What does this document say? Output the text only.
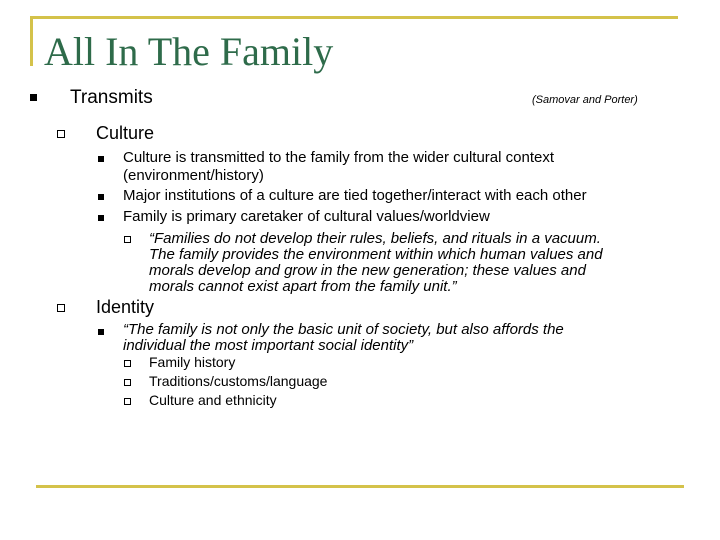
All In The Family
Transmits	(Samovar and Porter)
Culture
Culture is transmitted to the family from the wider cultural context
(environment/history)
Major institutions of a culture are tied together/interact with each other
Family is primary caretaker of cultural values/worldview
“Families do not develop their rules, beliefs, and rituals in a vacuum.
The family provides the environment within which human values and
morals develop and grow in the new generation; these values and
morals cannot exist apart from the family unit.”
Identity
“The family is not only the basic unit of society, but also affords the
individual the most important social identity”
Family history
Traditions/customs/language
Culture and ethnicity
